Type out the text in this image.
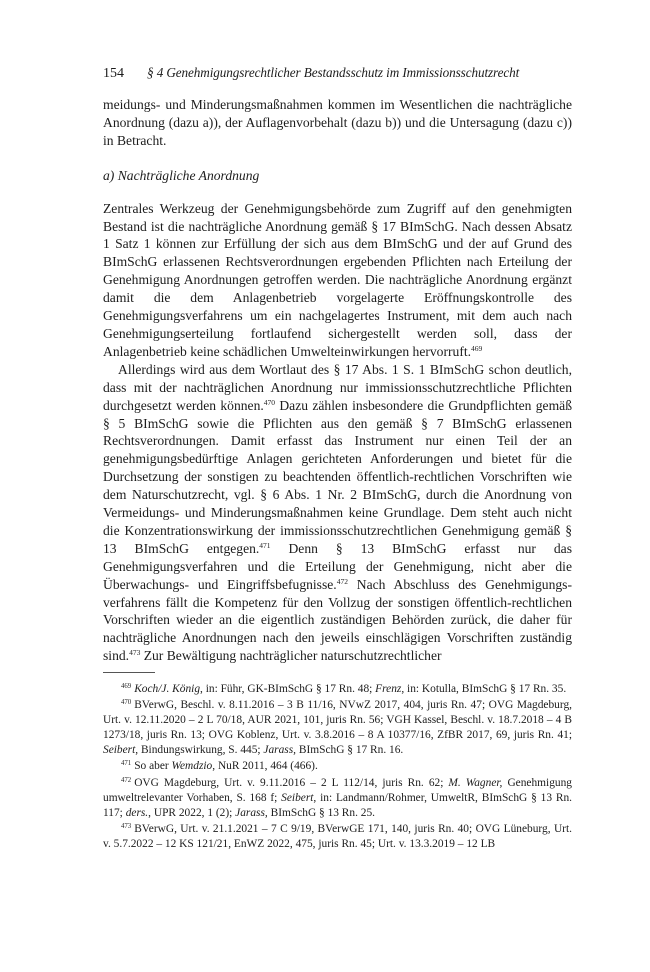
154 § 4 Genehmigungsrechtlicher Bestandsschutz im Immissionsschutzrecht

meidungs- und Minderungsmaßnahmen kommen im Wesentlichen die nachträgliche Anordnung (dazu a)), der Auflagenvorbehalt (dazu b)) und die Untersagung (dazu c)) in Betracht.

a) Nachträgliche Anordnung

Zentrales Werkzeug der Genehmigungsbehörde zum Zugriff auf den genehmigten Bestand ist die nachträgliche Anordnung gemäß § 17 BImSchG. Nach dessen Absatz 1 Satz 1 können zur Erfüllung der sich aus dem BImSchG und der auf Grund des BImSchG erlassenen Rechtsverordnungen ergebenden Pflichten nach Erteilung der Genehmigung Anordnungen getroffen werden. Die nachträgliche Anordnung ergänzt damit die dem Anlagenbetrieb vorgelagerte Eröffnungskontrolle des Genehmigungsverfahrens um ein nachgelagertes Instrument, mit dem auch nach Genehmigungserteilung fortlaufend sichergestellt werden soll, dass der Anlagenbetrieb keine schädlichen Umwelteinwirkungen hervorruft.$^{469}$

Allerdings wird aus dem Wortlaut des § 17 Abs. 1 S. 1 BImSchG schon deutlich, dass mit der nachträglichen Anordnung nur immissionsschutzrechtliche Pflichten durchgesetzt werden können.$^{470}$ Dazu zählen insbesondere die Grundpflichten gemäß § 5 BImSchG sowie die Pflichten aus den gemäß § 7 BImSchG erlassenen Rechtsverordnungen. Damit erfasst das Instrument nur einen Teil der an genehmigungsbedürftige Anlagen gerichteten Anforderungen und bietet für die Durchsetzung der sonstigen zu beachtenden öffentlich-rechtlichen Vorschriften wie dem Naturschutzrecht, vgl. § 6 Abs. 1 Nr. 2 BImSchG, durch die Anordnung von Vermeidungs- und Minderungsmaßnahmen keine Grundlage. Dem steht auch nicht die Konzentrationswirkung der immissionsschutzrechtlichen Genehmigung gemäß § 13 BImSchG entgegen.$^{471}$ Denn § 13 BImSchG erfasst nur das Genehmigungsverfahren und die Erteilung der Genehmigung, nicht aber die Überwachungs- und Eingriffsbefugnisse.$^{472}$ Nach Abschluss des Genehmigungsverfahrens fällt die Kompetenz für den Vollzug der sonstigen öffentlich-rechtlichen Vorschriften wieder an die eigentlich zuständigen Behörden zurück, die daher für nachträgliche Anordnungen nach den jeweils einschlägigen Vorschriften zuständig sind.$^{473}$ Zur Bewältigung nachträglicher naturschutzrechtlicher

$^{469}$ Koch/J. König, in: Führ, GK-BImSchG § 17 Rn. 48; Frenz, in: Kotulla, BImSchG § 17 Rn. 35.

$^{470}$ BVerwG, Beschl. v. 8.11.2016 – 3 B 11/16, NVwZ 2017, 404, juris Rn. 47; OVG Magdeburg, Urt. v. 12.11.2020 – 2 L 70/18, AUR 2021, 101, juris Rn. 56; VGH Kassel, Beschl. v. 18.7.2018 – 4 B 1273/18, juris Rn. 13; OVG Koblenz, Urt. v. 3.8.2016 – 8 A 10377/16, ZfBR 2017, 69, juris Rn. 41; Seibert, Bindungswirkung, S. 445; Jarass, BImSchG § 17 Rn. 16.

$^{471}$ So aber Wemdzio, NuR 2011, 464 (466).

$^{472}$ OVG Magdeburg, Urt. v. 9.11.2016 – 2 L 112/14, juris Rn. 62; M. Wagner, Genehmigung umweltrelevanter Vorhaben, S. 168 f; Seibert, in: Landmann/Rohmer, UmweltR, BImSchG § 13 Rn. 117; ders., UPR 2022, 1 (2); Jarass, BImSchG § 13 Rn. 25.

$^{473}$ BVerwG, Urt. v. 21.1.2021 – 7 C 9/19, BVerwGE 171, 140, juris Rn. 40; OVG Lüneburg, Urt. v. 5.7.2022 – 12 KS 121/21, EnWZ 2022, 475, juris Rn. 45; Urt. v. 13.3.2019 – 12 LB
